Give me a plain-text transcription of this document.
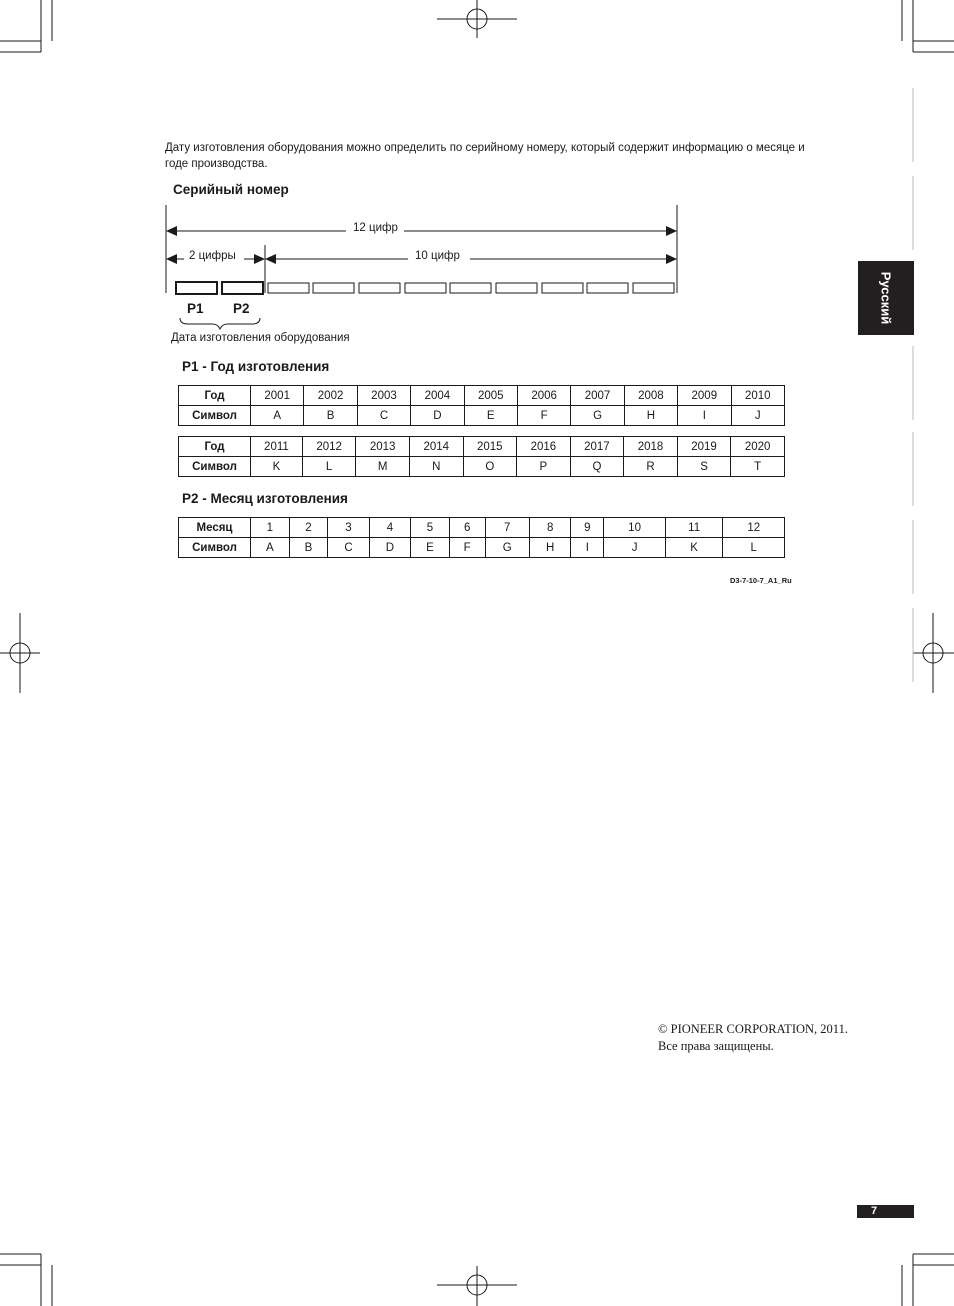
Русский
Дату изготовления оборудования можно определить по серийному номеру, который содержит информацию о месяце и годе производства.
Серийный номер
12 цифр
2 цифры	10 цифр
P1 P2
Дата изготовления оборудования
P1 - Год изготовления
Год	2001	2002	2003	2004	2005	2006	2007	2008	2009	2010
Символ	A	B	C	D	E	F	G	H	I	J
Год	2011	2012	2013	2014	2015	2016	2017	2018	2019	2020
Символ	K	L	M	N	O	P	Q	R	S	T
P2 - Месяц изготовления
Месяц	1	2	3	4	5	6	7	8	9	10	11	12
Символ	A	B	C	D	E	F	G	H	I	J	K	L
D3-7-10-7_A1_Ru
© PIONEER CORPORATION, 2011.
Все права защищены.
7
